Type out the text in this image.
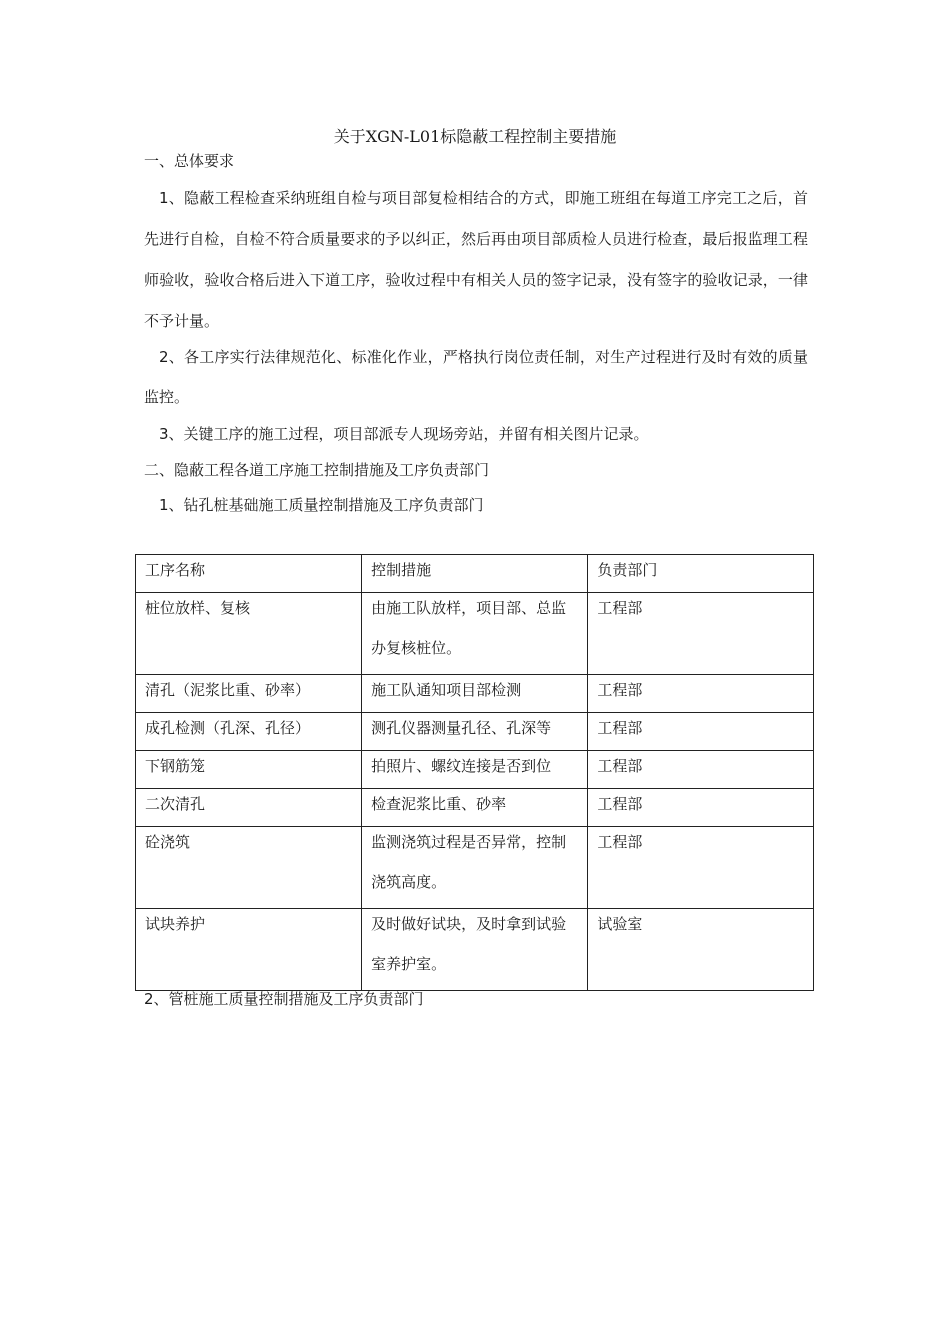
关于XGN-L01标隐蔽工程控制主要措施
一、总体要求
1、隐蔽工程检查采纳班组自检与项目部复检相结合的方式，即施工班组在每道工序完工之后，首先进行自检，自检不符合质量要求的予以纠正，然后再由项目部质检人员进行检查，最后报监理工程师验收，验收合格后进入下道工序，验收过程中有相关人员的签字记录，没有签字的验收记录，一律不予计量。
2、各工序实行法律规范化、标准化作业，严格执行岗位责任制，对生产过程进行及时有效的质量监控。
3、关键工序的施工过程，项目部派专人现场旁站，并留有相关图片记录。
二、隐蔽工程各道工序施工控制措施及工序负责部门
1、钻孔桩基础施工质量控制措施及工序负责部门
工序名称	控制措施	负责部门

桩位放样、复核	由施工队放样，项目部、总监办复核桩位。	工程部

清孔（泥浆比重、砂率）	施工队通知项目部检测	工程部
成孔检测（孔深、孔径）	测孔仪器测量孔径、孔深等	工程部
下钢筋笼	拍照片、螺纹连接是否到位	工程部
二次清孔	检查泥浆比重、砂率	工程部

砼浇筑	监测浇筑过程是否异常，控制浇筑高度。	工程部

试块养护	及时做好试块，及时拿到试验室养护室。	试验室
2、管桩施工质量控制措施及工序负责部门
